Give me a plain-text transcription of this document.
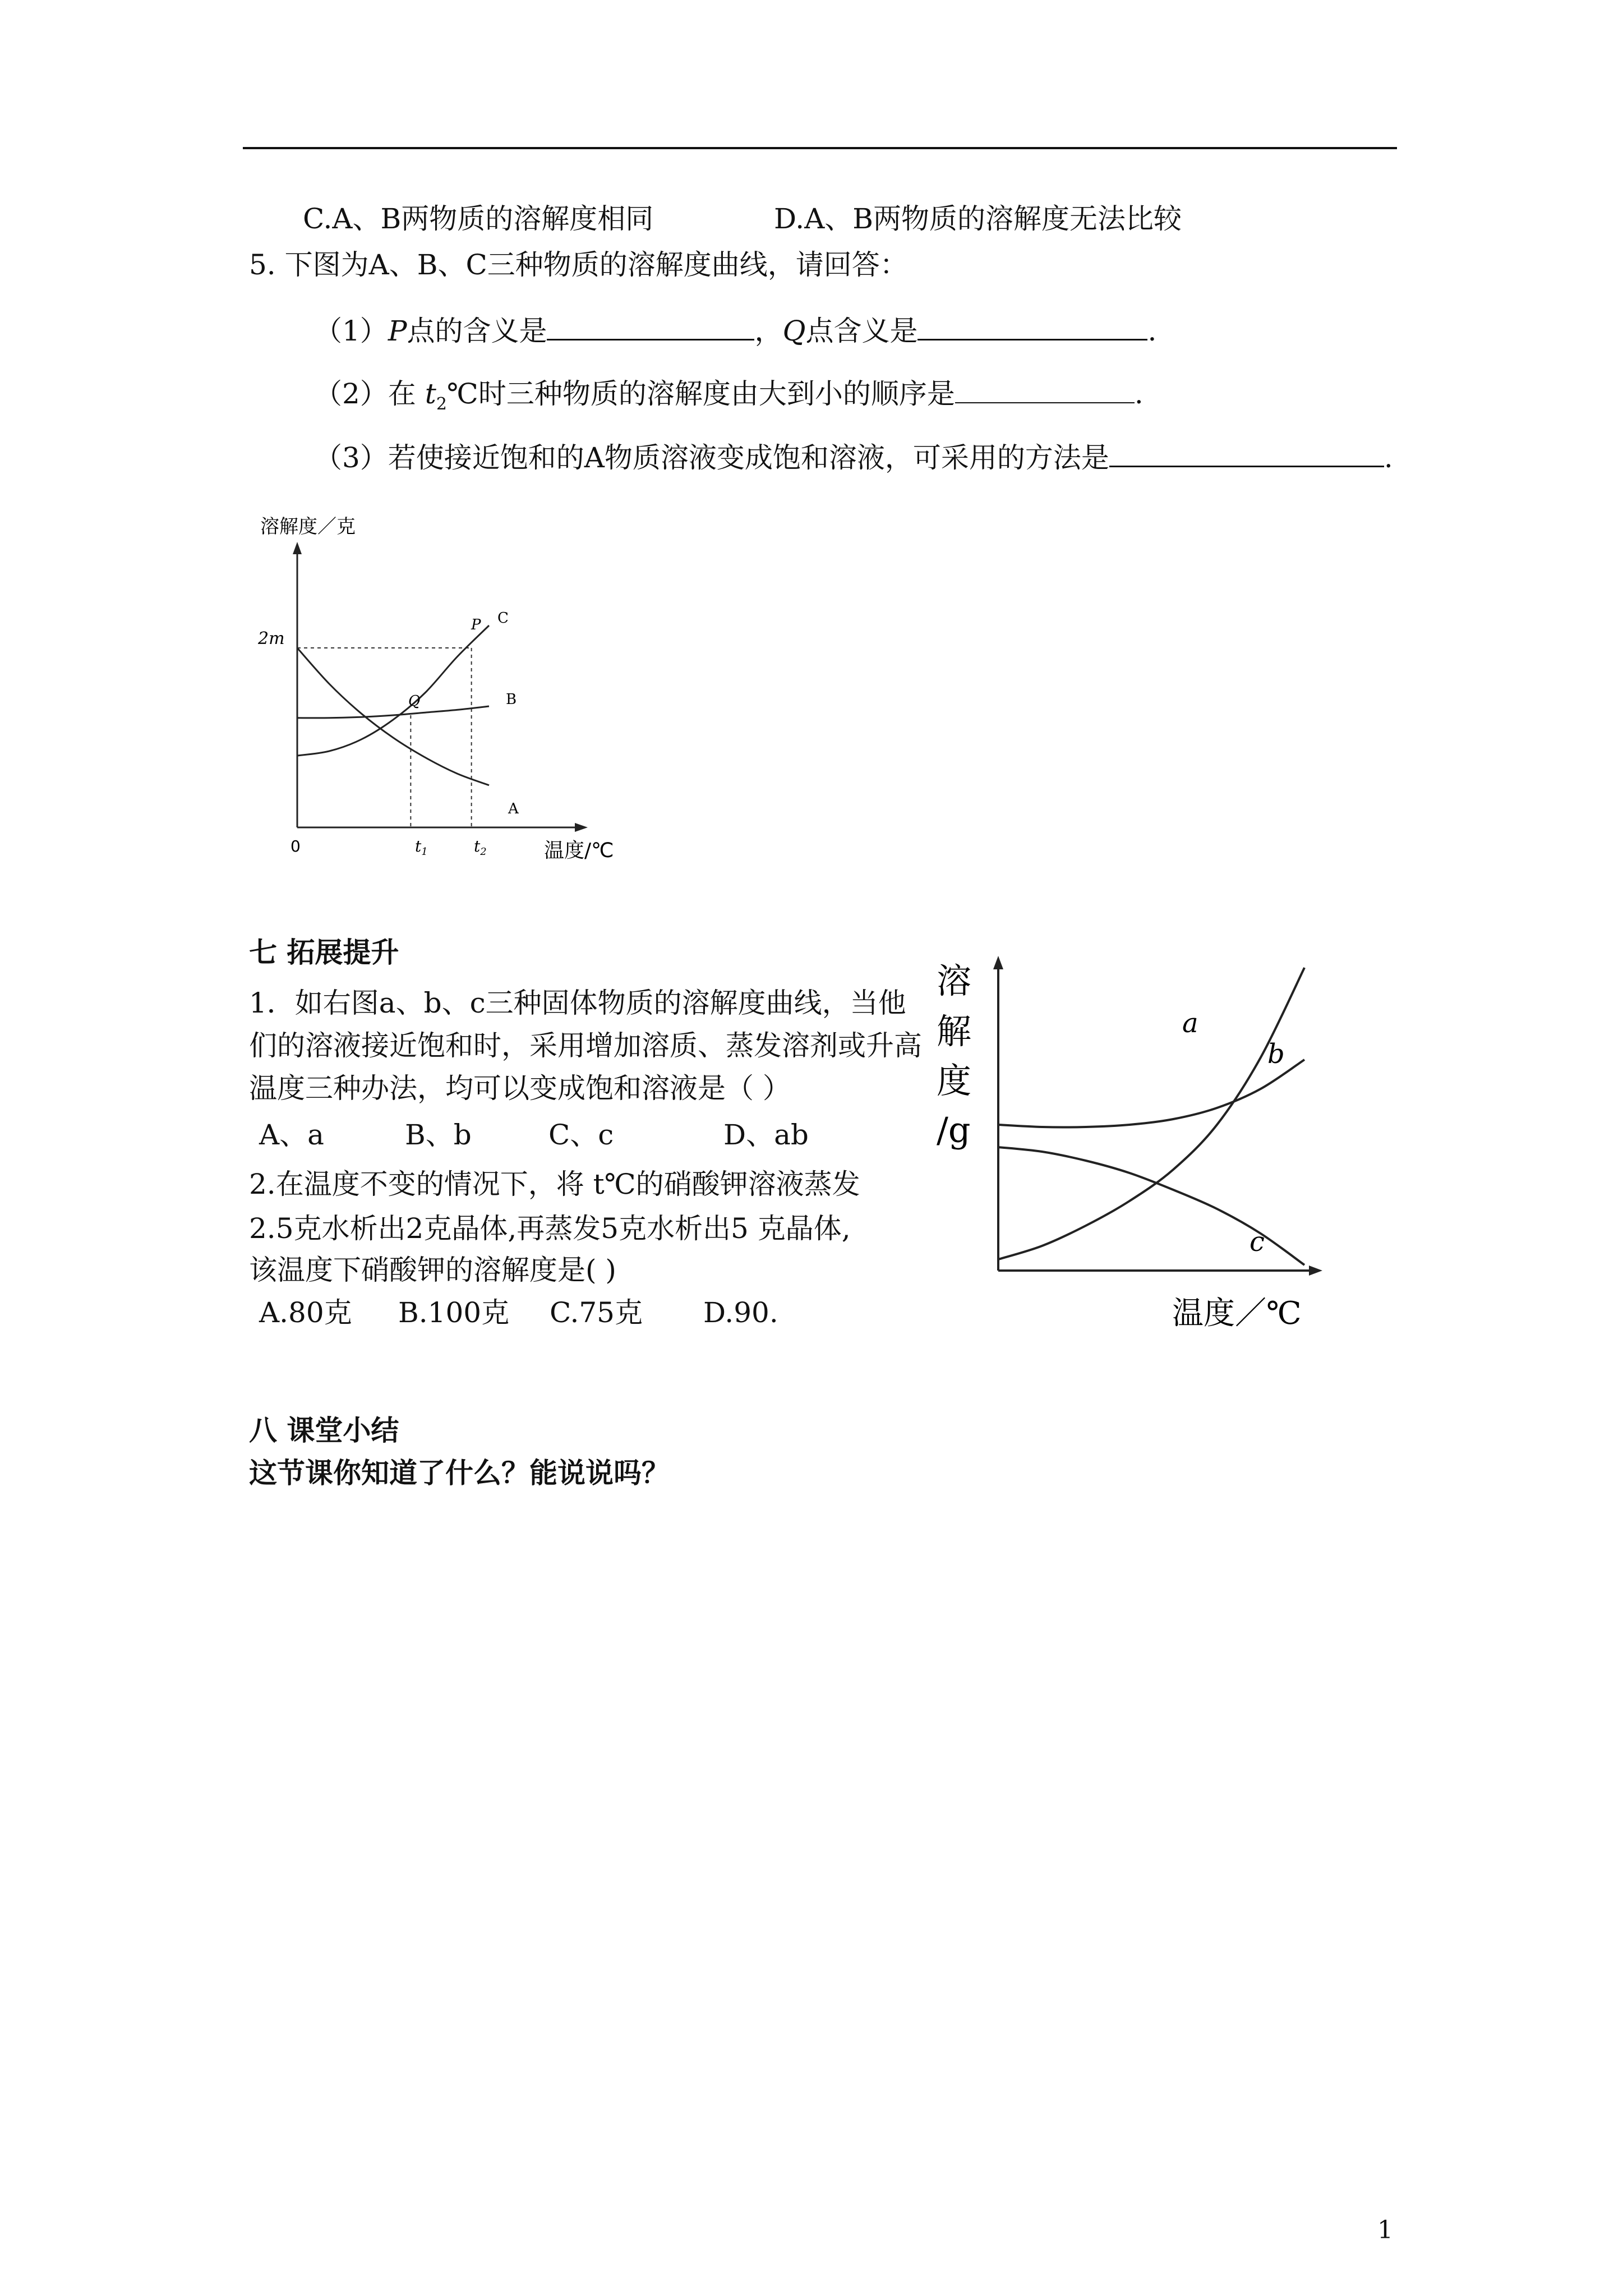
C.A、B两物质的溶解度相同	D.A、B两物质的溶解度无法比较
5. 下图为A、B、C三种物质的溶解度曲线，请回答：
（1）P点的含义是	，Q点含义是	.
（2）在 $t_2℃$时三种物质的溶解度由大到小的顺序是	.
（3）若使接近饱和的A物质溶液变成饱和溶液，可采用的方法是	.
溶解度／克
2m
0	$t_1$	$t_2$	温度/℃
P
Q
C
B
A
七 拓展提升
1．如右图a、b、c三种固体物质的溶解度曲线，当他
们的溶液接近饱和时，采用增加溶质、蒸发溶剂或升高
温度三种办法，均可以变成饱和溶液是（ ）
A、a	B、b	C、c	D、ab
2.在温度不变的情况下，将 t℃的硝酸钾溶液蒸发
2.5克水析出2克晶体,再蒸发5克水析出5 克晶体,
该温度下硝酸钾的溶解度是( )
A.80克 B.100克 C.75克 D.90.
溶
解
度
/g
温度／℃
a
b
c
八 课堂小结
这节课你知道了什么？能说说吗？
1
